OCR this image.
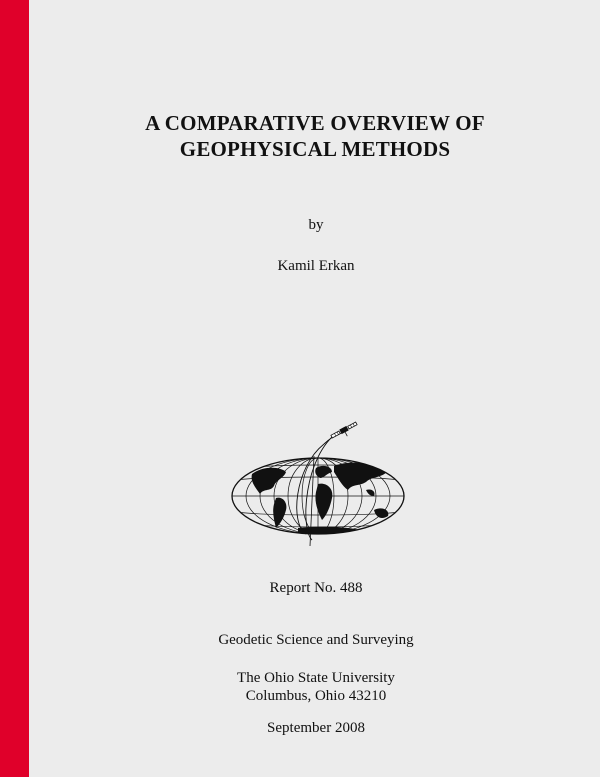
A COMPARATIVE OVERVIEW OF
GEOPHYSICAL METHODS
by
Kamil Erkan
Report No. 488
Geodetic Science and Surveying
The Ohio State University
Columbus, Ohio 43210
September 2008
